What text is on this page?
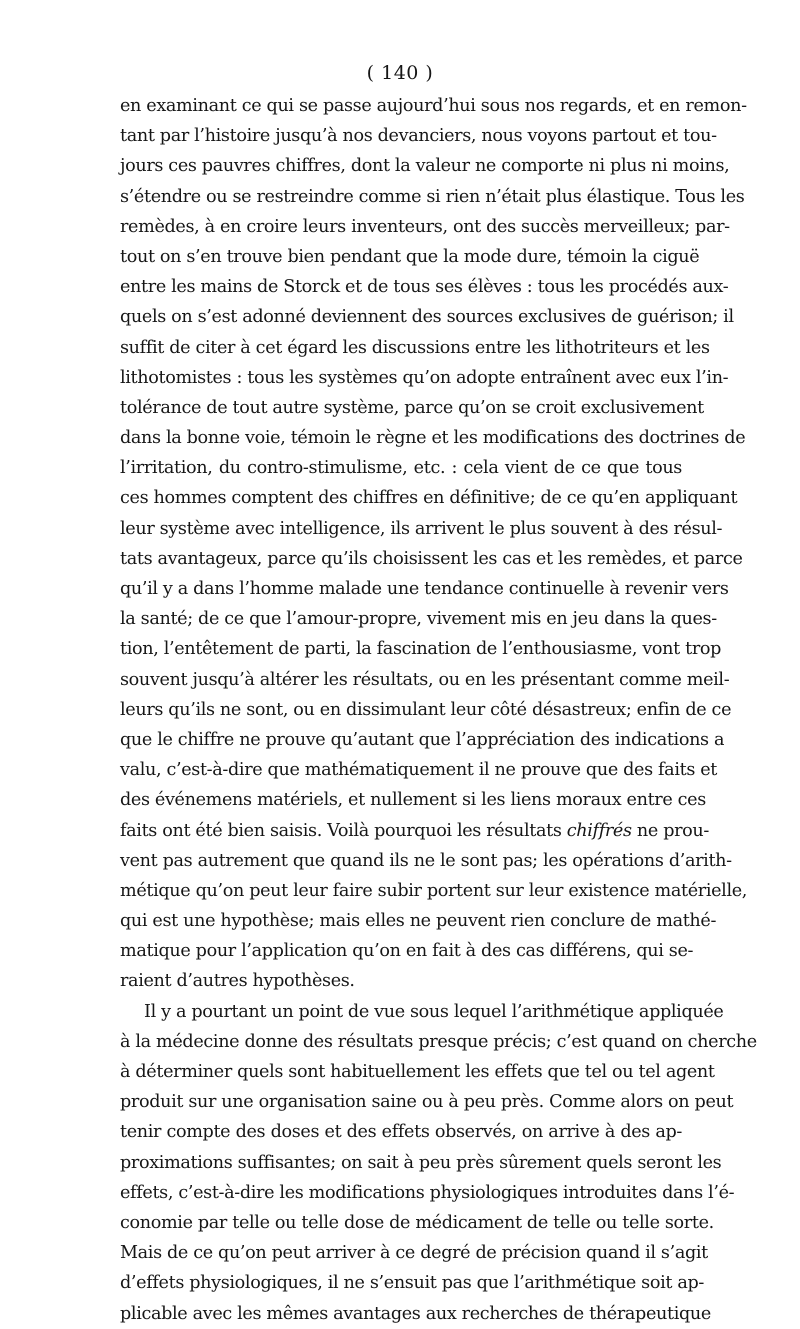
( 140 )
en examinant ce qui se passe aujourd’hui sous nos regards, et en remon-
tant par l’histoire jusqu’à nos devanciers, nous voyons partout et tou-
jours ces pauvres chiffres, dont la valeur ne comporte ni plus ni moins,
s’étendre ou se restreindre comme si rien n’était plus élastique. Tous les
remèdes, à en croire leurs inventeurs, ont des succès merveilleux; par-
tout on s’en trouve bien pendant que la mode dure, témoin la ciguë
entre les mains de Storck et de tous ses élèves : tous les procédés aux-
quels on s’est adonné deviennent des sources exclusives de guérison; il
suffit de citer à cet égard les discussions entre les lithotriteurs et les
lithotomistes : tous les systèmes qu’on adopte entraînent avec eux l’in-
tolérance de tout autre système, parce qu’on se croit exclusivement
dans la bonne voie, témoin le règne et les modifications des doctrines de
l’irritation, du contro-stimulisme, etc. : cela vient de ce que tous
ces hommes comptent des chiffres en définitive; de ce qu’en appliquant
leur système avec intelligence, ils arrivent le plus souvent à des résul-
tats avantageux, parce qu’ils choisissent les cas et les remèdes, et parce
qu’il y a dans l’homme malade une tendance continuelle à revenir vers
la santé; de ce que l’amour-propre, vivement mis en jeu dans la ques-
tion, l’entêtement de parti, la fascination de l’enthousiasme, vont trop
souvent jusqu’à altérer les résultats, ou en les présentant comme meil-
leurs qu’ils ne sont, ou en dissimulant leur côté désastreux; enfin de ce
que le chiffre ne prouve qu’autant que l’appréciation des indications a
valu, c’est-à-dire que mathématiquement il ne prouve que des faits et
des événemens matériels, et nullement si les liens moraux entre ces
faits ont été bien saisis. Voilà pourquoi les résultats chiffrés ne prou-
vent pas autrement que quand ils ne le sont pas; les opérations d’arith-
métique qu’on peut leur faire subir portent sur leur existence matérielle,
qui est une hypothèse; mais elles ne peuvent rien conclure de mathé-
matique pour l’application qu’on en fait à des cas différens, qui se-
raient d’autres hypothèses.
Il y a pourtant un point de vue sous lequel l’arithmétique appliquée
à la médecine donne des résultats presque précis; c’est quand on cherche
à déterminer quels sont habituellement les effets que tel ou tel agent
produit sur une organisation saine ou à peu près. Comme alors on peut
tenir compte des doses et des effets observés, on arrive à des ap-
proximations suffisantes; on sait à peu près sûrement quels seront les
effets, c’est-à-dire les modifications physiologiques introduites dans l’é-
conomie par telle ou telle dose de médicament de telle ou telle sorte.
Mais de ce qu’on peut arriver à ce degré de précision quand il s’agit
d’effets physiologiques, il ne s’ensuit pas que l’arithmétique soit ap-
plicable avec les mêmes avantages aux recherches de thérapeutique
